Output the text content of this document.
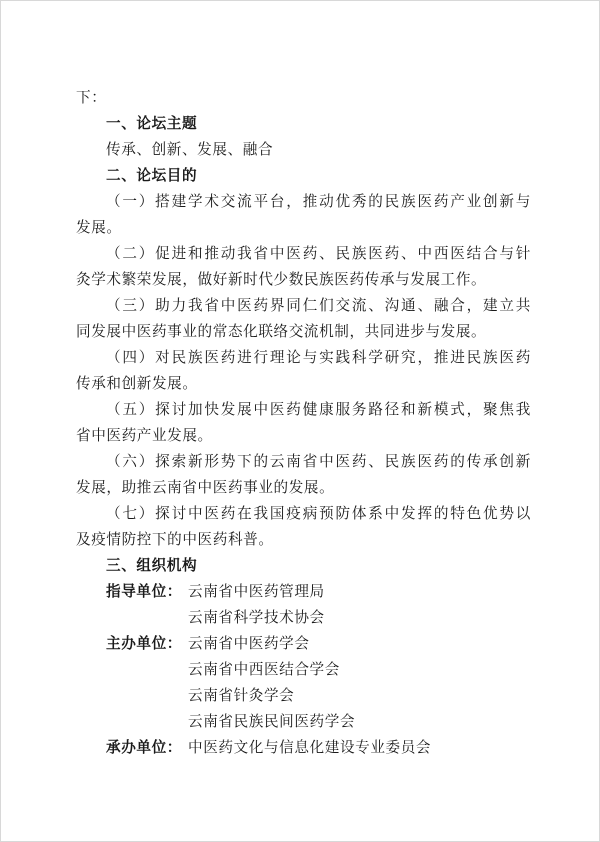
下：
一、论坛主题
传承、创新、发展、融合
二、论坛目的
（一）搭建学术交流平台，推动优秀的民族医药产业创新与
发展。
（二）促进和推动我省中医药、民族医药、中西医结合与针
灸学术繁荣发展，做好新时代少数民族医药传承与发展工作。
（三）助力我省中医药界同仁们交流、沟通、融合，建立共
同发展中医药事业的常态化联络交流机制，共同进步与发展。
（四）对民族医药进行理论与实践科学研究，推进民族医药
传承和创新发展。
（五）探讨加快发展中医药健康服务路径和新模式，聚焦我
省中医药产业发展。
（六）探索新形势下的云南省中医药、民族医药的传承创新
发展，助推云南省中医药事业的发展。
（七）探讨中医药在我国疫病预防体系中发挥的特色优势以
及疫情防控下的中医药科普。
三、组织机构
指导单位： 云南省中医药管理局
云南省科学技术协会
主办单位： 云南省中医药学会
云南省中西医结合学会
云南省针灸学会
云南省民族民间医药学会
承办单位： 中医药文化与信息化建设专业委员会
